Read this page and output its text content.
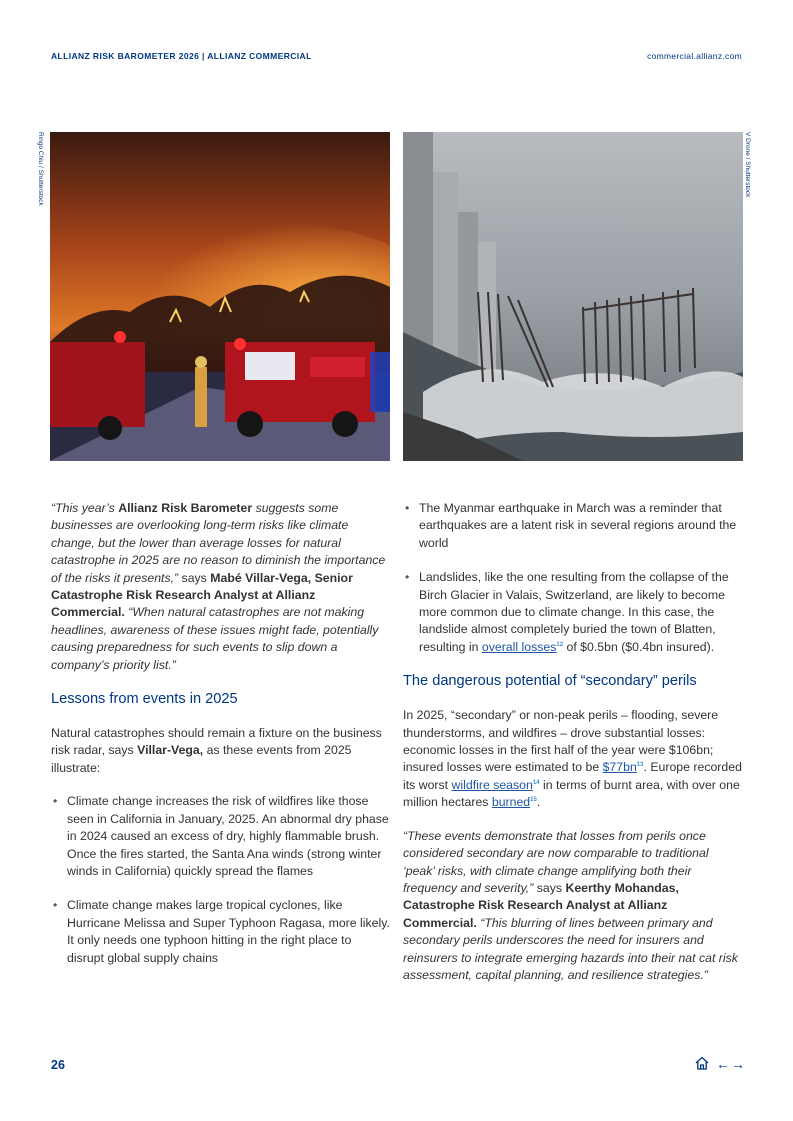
ALLIANZ RISK BAROMETER 2026 | ALLIANZ COMMERCIAL	commercial.allianz.com
Ringo Chiu / Shutterstock	V Drone / Shutterstock

“This year’s Allianz Risk Barometer suggests some businesses are overlooking long-term risks like climate change, but the lower than average losses for natural catastrophe in 2025 are no reason to diminish the importance of the risks it presents,” says Mabé Villar-Vega, Senior Catastrophe Risk Research Analyst at Allianz Commercial. “When natural catastrophes are not making headlines, awareness of these issues might fade, potentially causing preparedness for such events to slip down a company’s priority list.”

Lessons from events in 2025

Natural catastrophes should remain a fixture on the business risk radar, says Villar-Vega, as these events from 2025 illustrate:

• Climate change increases the risk of wildfires like those seen in California in January, 2025. An abnormal dry phase in 2024 caused an excess of dry, highly flammable brush. Once the fires started, the Santa Ana winds (strong winter winds in California) quickly spread the flames
• Climate change makes large tropical cyclones, like Hurricane Melissa and Super Typhoon Ragasa, more likely. It only needs one typhoon hitting in the right place to disrupt global supply chains
• The Myanmar earthquake in March was a reminder that earthquakes are a latent risk in several regions around the world
• Landslides, like the one resulting from the collapse of the Birch Glacier in Valais, Switzerland, are likely to become more common due to climate change. In this case, the landslide almost completely buried the town of Blatten, resulting in overall losses$^{12}$ of $0.5bn ($0.4bn insured).
The dangerous potential of “secondary” perils

In 2025, “secondary” or non-peak perils – flooding, severe thunderstorms, and wildfires – drove substantial losses: economic losses in the first half of the year were $106bn; insured losses were estimated to be $77bn$^{13}$. Europe recorded its worst wildfire season$^{14}$ in terms of burnt area, with over one million hectares burned$^{15}$.

“These events demonstrate that losses from perils once considered secondary are now comparable to traditional ‘peak’ risks, with climate change amplifying both their frequency and severity,” says Keerthy Mohandas, Catastrophe Risk Research Analyst at Allianz Commercial. “This blurring of lines between primary and secondary perils underscores the need for insurers and reinsurers to integrate emerging hazards into their nat cat risk assessment, capital planning, and resilience strategies.”

26	← →
